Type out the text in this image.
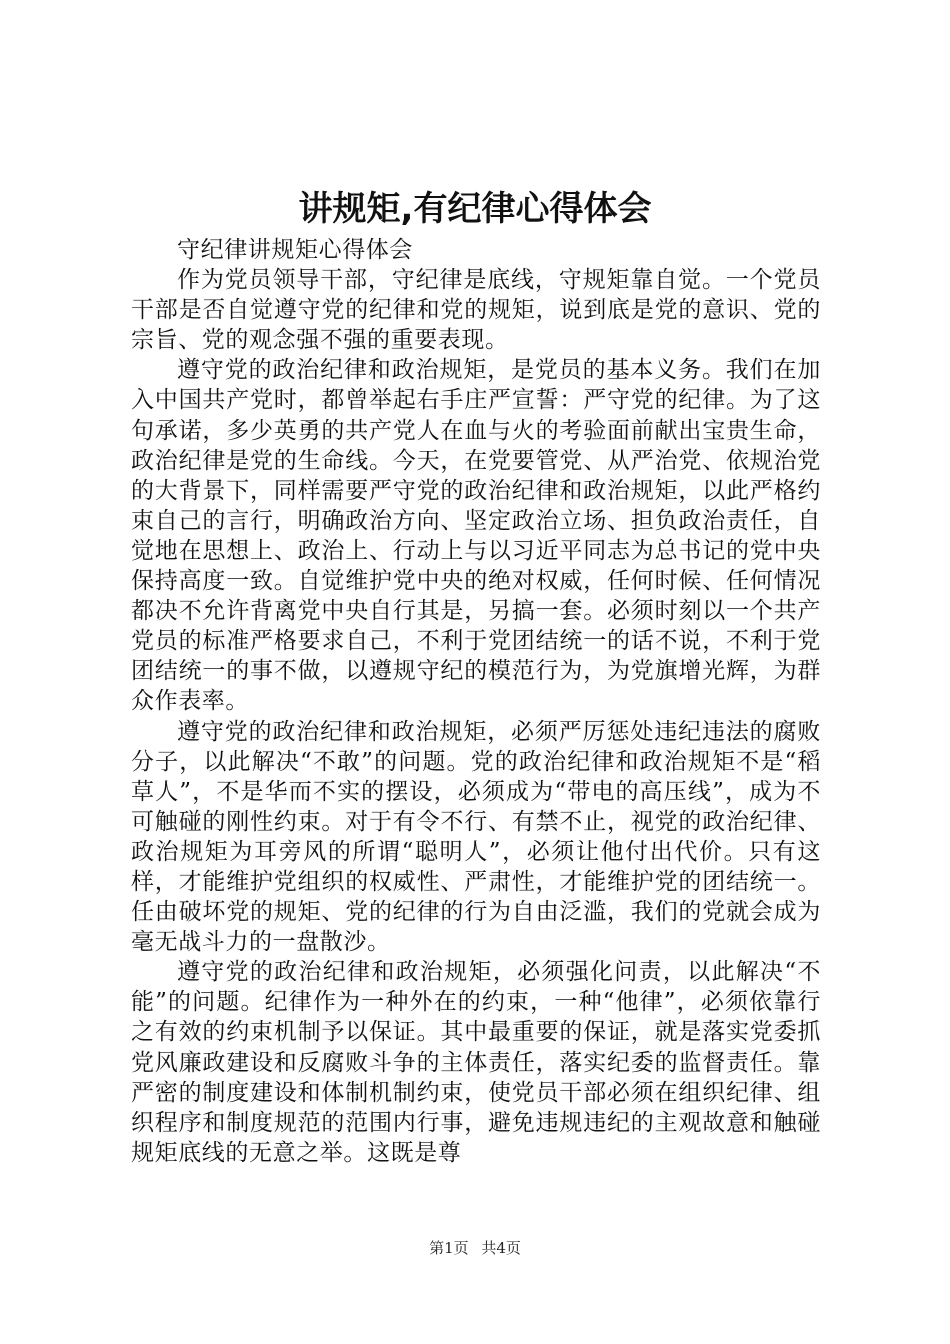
讲规矩,有纪律心得体会

守纪律讲规矩心得体会

作为党员领导干部，守纪律是底线，守规矩靠自觉。一个党员干部是否自觉遵守党的纪律和党的规矩，说到底是党的意识、党的宗旨、党的观念强不强的重要表现。

遵守党的政治纪律和政治规矩，是党员的基本义务。我们在加入中国共产党时，都曾举起右手庄严宣誓：严守党的纪律。为了这句承诺，多少英勇的共产党人在血与火的考验面前献出宝贵生命，政治纪律是党的生命线。今天，在党要管党、从严治党、依规治党的大背景下，同样需要严守党的政治纪律和政治规矩，以此严格约束自己的言行，明确政治方向、坚定政治立场、担负政治责任，自觉地在思想上、政治上、行动上与以习近平同志为总书记的党中央保持高度一致。自觉维护党中央的绝对权威，任何时候、任何情况都决不允许背离党中央自行其是，另搞一套。必须时刻以一个共产党员的标准严格要求自己，不利于党团结统一的话不说，不利于党团结统一的事不做，以遵规守纪的模范行为，为党旗增光辉，为群众作表率。

遵守党的政治纪律和政治规矩，必须严厉惩处违纪违法的腐败分子，以此解决“不敢”的问题。党的政治纪律和政治规矩不是“稻草人”，不是华而不实的摆设，必须成为“带电的高压线”，成为不可触碰的刚性约束。对于有令不行、有禁不止，视党的政治纪律、政治规矩为耳旁风的所谓“聪明人”，必须让他付出代价。只有这样，才能维护党组织的权威性、严肃性，才能维护党的团结统一。任由破坏党的规矩、党的纪律的行为自由泛滥，我们的党就会成为毫无战斗力的一盘散沙。

遵守党的政治纪律和政治规矩，必须强化问责，以此解决“不能”的问题。纪律作为一种外在的约束，一种“他律”，必须依靠行之有效的约束机制予以保证。其中最重要的保证，就是落实党委抓党风廉政建设和反腐败斗争的主体责任，落实纪委的监督责任。靠严密的制度建设和体制机制约束，使党员干部必须在组织纪律、组织程序和制度规范的范围内行事，避免违规违纪的主观故意和触碰规矩底线的无意之举。这既是尊

第1页 共4页
